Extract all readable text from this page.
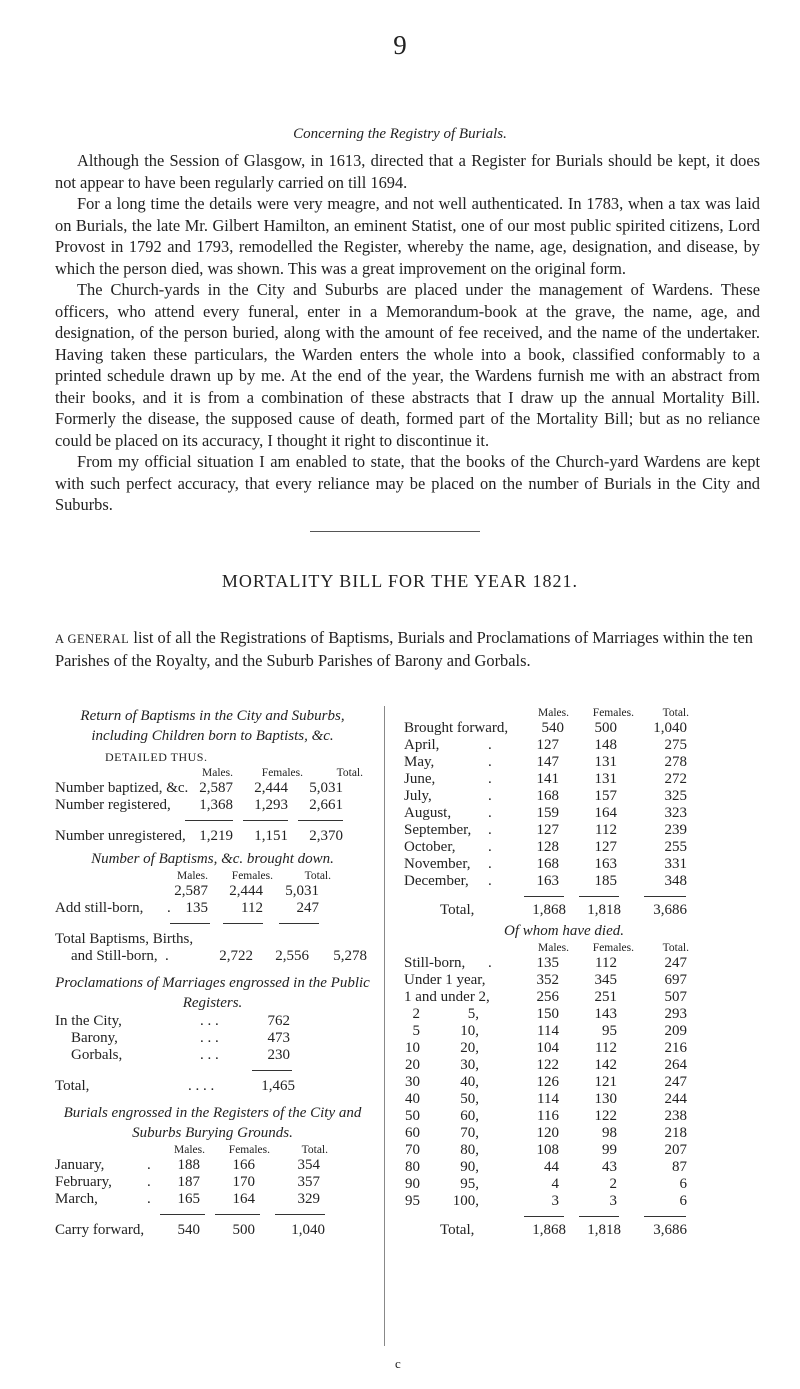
9
Concerning the Registry of Burials.

Although the Session of Glasgow, in 1613, directed that a Register for Burials should be kept, it does not appear to have been regularly carried on till 1694.

For a long time the details were very meagre, and not well authenticated. In 1783, when a tax was laid on Burials, the late Mr. Gilbert Hamilton, an eminent Statist, one of our most public spirited citizens, Lord Provost in 1792 and 1793, remodelled the Register, whereby the name, age, designation, and disease, by which the person died, was shown. This was a great improvement on the original form.

The Church-yards in the City and Suburbs are placed under the management of Wardens. These officers, who attend every funeral, enter in a Memorandum-book at the grave, the name, age, and designation, of the person buried, along with the amount of fee received, and the name of the undertaker. Having taken these particulars, the Warden enters the whole into a book, classified conformably to a printed schedule drawn up by me. At the end of the year, the Wardens furnish me with an abstract from their books, and it is from a combination of these abstracts that I draw up the annual Mortality Bill. Formerly the disease, the supposed cause of death, formed part of the Mortality Bill; but as no reliance could be placed on its accuracy, I thought it right to discontinue it.

From my official situation I am enabled to state, that the books of the Church-yard Wardens are kept with such perfect accuracy, that every reliance may be placed on the number of Burials in the City and Suburbs.

MORTALITY BILL FOR THE YEAR 1821.
A GENERAL list of all the Registrations of Baptisms, Burials and Proclamations of Marriages within the ten Parishes of the Royalty, and the Suburb Parishes of Barony and Gorbals.
Return of Baptisms in the City and Suburbs, including Children born to Baptists, &c.
DETAILED THUS.
Males.	Females.	Total.
Number baptized, &c. 2,587	2,444	5,031
Number registered,	1,368	1,293	2,661
Number unregistered, 1,219	1,151	2,370
Number of Baptisms, &c. brought down.
Males.	Females.	Total.
2,587	2,444	5,031
Add still-born, . 135	112	247
Total Baptisms, Births,
and Still-born, .	2,722	2,556	5,278
Proclamations of Marriages engrossed in the Public Registers.
In the City,	. . .	762
Barony,	. . .	473
Gorbals,	. . .	230
Total,	. . . .	1,465
Burials engrossed in the Registers of the City and Suburbs Burying Grounds.
Males.	Females.	Total.
January,	.	188	166	354
February, .	187	170	357
March,	.	165	164	329
Carry forward,	540	500	1,040
Males.	Females.	Total.
Brought forward,	540	500	1,040
April,	.	127	148	275
May,	.	147	131	278
June,	.	141	131	272
July,	.	168	157	325
August, .	159	164	323
September, .	127	112	239
October, .	128	127	255
November, .	168	163	331
December, .	163	185	348
Total,	1,868	1,818	3,686
Of whom have died.
Males.	Females.	Total.
Still-born, .	135	112	247
Under 1 year,	352	345	697
1 and under 2,	256	251	507
2	5,	150	143	293
5	10,	114	95	209
10	20,	104	112	216
20	30,	122	142	264
30	40,	126	121	247
40	50,	114	130	244
50	60,	116	122	238
60	70,	120	98	218
70	80,	108	99	207
80	90,	44	43	87
90	95,	4	2	6
95	100,	3	3	6
Total,	1,868	1,818	3,686
c
